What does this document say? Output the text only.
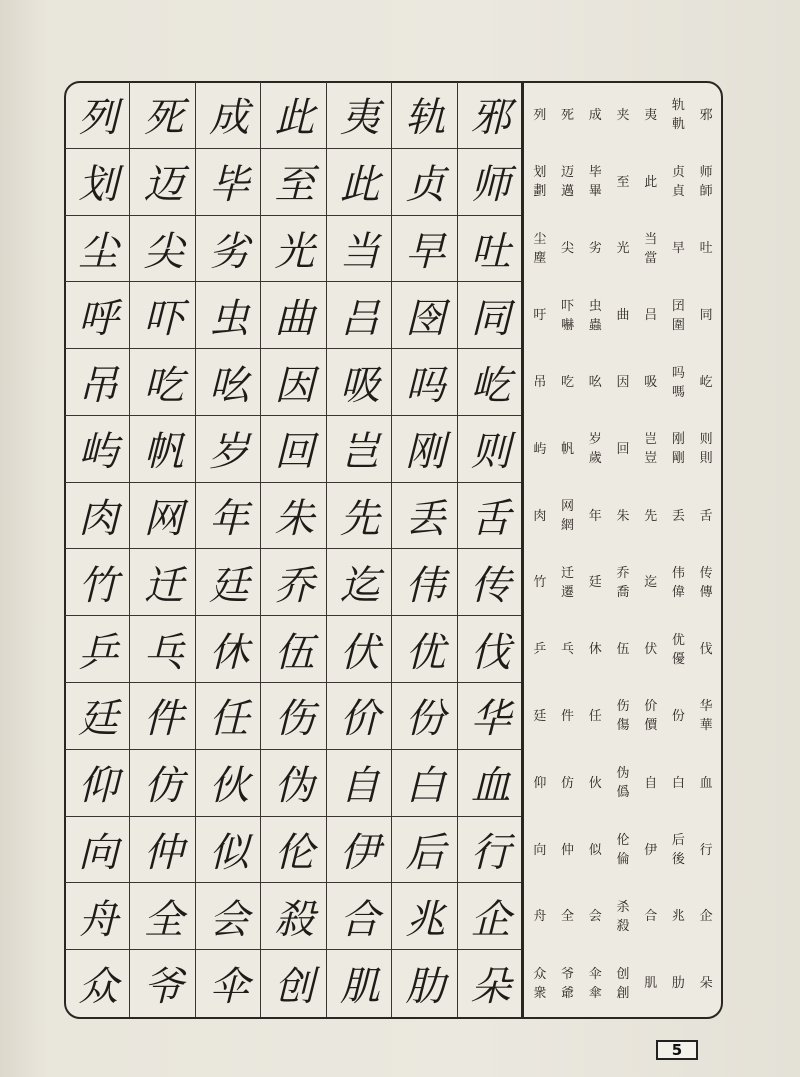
列 死 成 此 夷 轨 邪
划 迈 毕 至 此 贞 师
尘 尖 劣 光 当 早 吐
呼 吓 虫 曲 吕 囹 同
吊 吃 吆 因 吸 吗 屹
屿 帆 岁 回 岂 刚 则
肉 网 年 朱 先 丢 舌
竹 迁 廷 乔 迄 伟 传
乒 乓 休 伍 伏 优 伐
廷 件 任 伤 价 份 华
仰 仿 伙 伪 自 白 血
向 仲 似 伦 伊 后 行
舟 全 会 殺 合 兆 企
众 爷 伞 创 肌 肋 朵
列 死 成 夹 夷
轨
軌
邪
划
劃
迈
邁
毕
畢
至 此
贞
貞
师
師
尘
塵
尖 劣 光
当
當
早 吐
吁
吓
嚇
虫
蟲
曲 吕
囝
圍
同
吊 吃 吆 因 吸
吗
嗎
屹
屿 帆
岁
歲
回
岂
豈
刚
剛
则
則
肉
网
網
年 朱 先 丢 舌
竹
迁
遷
廷
乔
喬
迄
伟
偉
传
傳
乒 乓 休 伍 伏
优
優
伐
廷 件 任
伤
傷
价
價
份
华
華
仰 仿 伙
伪
僞
自 白 血
向 仲 似
伦
倫
伊
后
後
行
舟 全 会
杀
殺
合 兆 企
众
衆
爷
爺
伞
傘
创
創
肌 肋 朵
5
